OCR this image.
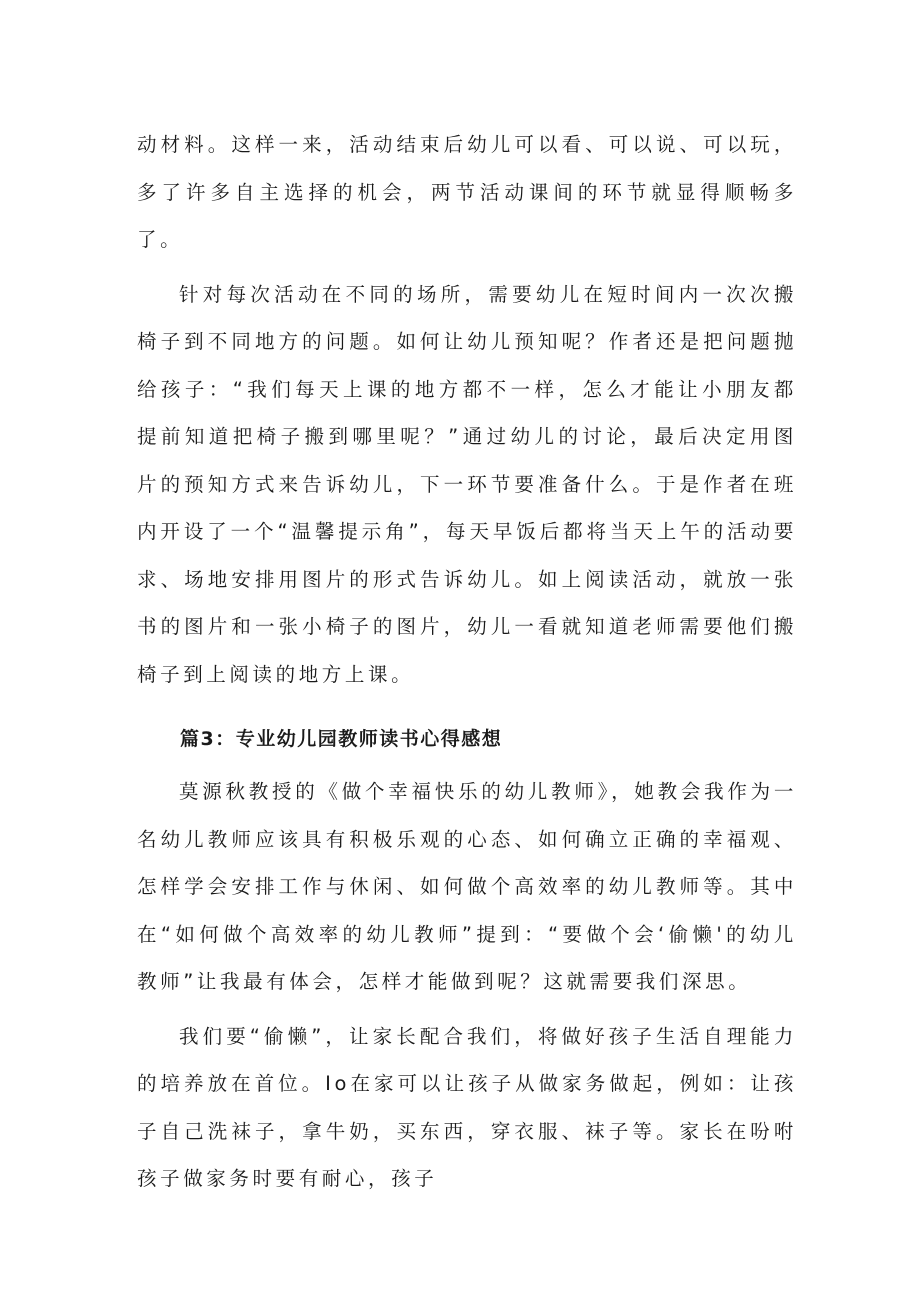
动材料。这样一来，活动结束后幼儿可以看、可以说、可以玩，多了许多自主选择的机会，两节活动课间的环节就显得顺畅多了。

针对每次活动在不同的场所，需要幼儿在短时间内一次次搬椅子到不同地方的问题。如何让幼儿预知呢？作者还是把问题抛给孩子：“我们每天上课的地方都不一样，怎么才能让小朋友都提前知道把椅子搬到哪里呢？”通过幼儿的讨论，最后决定用图片的预知方式来告诉幼儿，下一环节要准备什么。于是作者在班内开设了一个“温馨提示角”，每天早饭后都将当天上午的活动要求、场地安排用图片的形式告诉幼儿。如上阅读活动，就放一张书的图片和一张小椅子的图片，幼儿一看就知道老师需要他们搬椅子到上阅读的地方上课。

篇3：专业幼儿园教师读书心得感想

莫源秋教授的《做个幸福快乐的幼儿教师》，她教会我作为一名幼儿教师应该具有积极乐观的心态、如何确立正确的幸福观、怎样学会安排工作与休闲、如何做个高效率的幼儿教师等。其中在“如何做个高效率的幼儿教师”提到：“要做个会‘偷懒'的幼儿教师”让我最有体会，怎样才能做到呢？这就需要我们深思。

我们要“偷懒”，让家长配合我们，将做好孩子生活自理能力的培养放在首位。Io在家可以让孩子从做家务做起，例如：让孩子自己洗袜子，拿牛奶，买东西，穿衣服、袜子等。家长在吩咐孩子做家务时要有耐心，孩子
